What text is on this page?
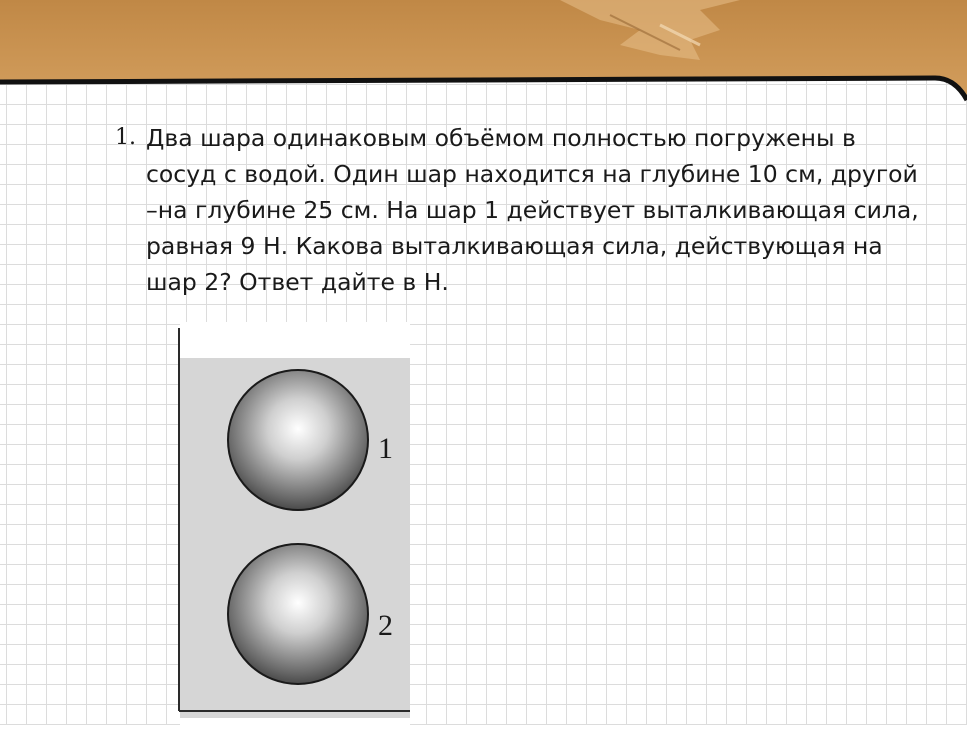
1. Два шара одинаковым объёмом полностью погружены в сосуд с водой. Один шар находится на глубине 10 см, другой –на глубине 25 см. На шар 1 действует выталкивающая сила, равная 9 Н. Какова выталкивающая сила, действующая на шар 2? Ответ дайте в Н.
1
2
